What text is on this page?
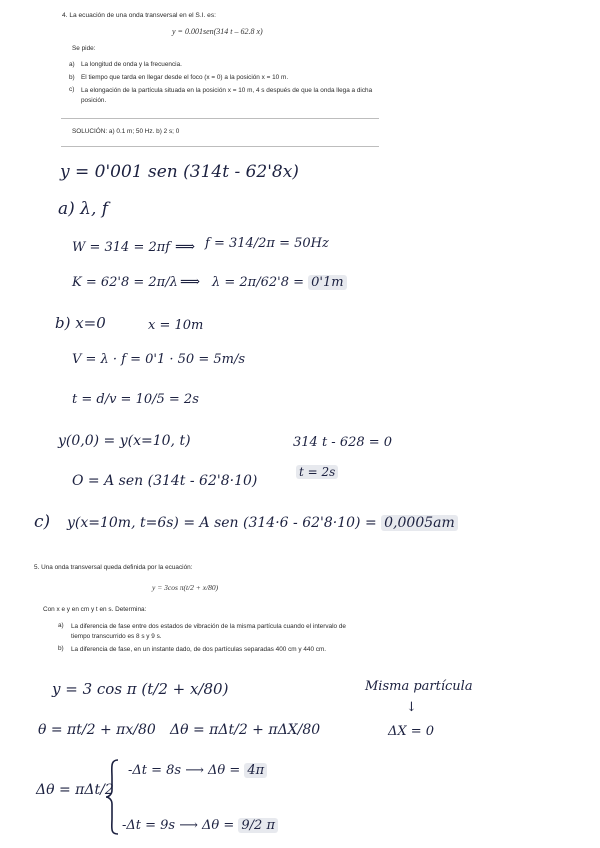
4. La ecuación de una onda transversal en el S.I. es:
y = 0.001sen(314 t – 62.8 x)
Se pide:
a) La longitud de onda y la frecuencia.
b) El tiempo que tarda en llegar desde el foco (x = 0) a la posición x = 10 m.
c) La elongación de la partícula situada en la posición x = 10 m, 4 s después de que la onda llega a dicha posición.
SOLUCIÓN: a) 0.1 m; 50 Hz. b) 2 s; 0
y = 0'001 sen (314t - 62'8x)
a) λ, f
W = 314 = 2πf ⟹ f = 314/2π = 50Hz
K = 62'8 = 2π/λ ⟹ λ = 2π/62'8 = 0'1m
b) x=0	x = 10m
V = λ · f = 0'1 · 50 = 5m/s
t = d/v = 10/5 = 2s
y(0,0) = y(x=10, t)	314 t - 628 = 0
t = 2s
O = A sen (314t - 62'8·10)
c) y(x=10m, t=6s) = A sen (314·6 - 62'8·10) = 0,0005am
5. Una onda transversal queda definida por la ecuación:
y = 3cos π(t/2 + x/80)
Con x e y en cm y t en s. Determina:
a) La diferencia de fase entre dos estados de vibración de la misma partícula cuando el intervalo de tiempo transcurrido es 8 s y 9 s.
b) La diferencia de fase, en un instante dado, de dos partículas separadas 400 cm y 440 cm.
y = 3 cos π (t/2 + x/80)	Misma partícula
↓
ΔX = 0
θ = πt/2 + πx/80 Δθ = πΔt/2 + πΔX/80
Δθ = πΔt/2
-Δt = 8s ⟶ Δθ = 4π
-Δt = 9s ⟶ Δθ = 9/2 π
